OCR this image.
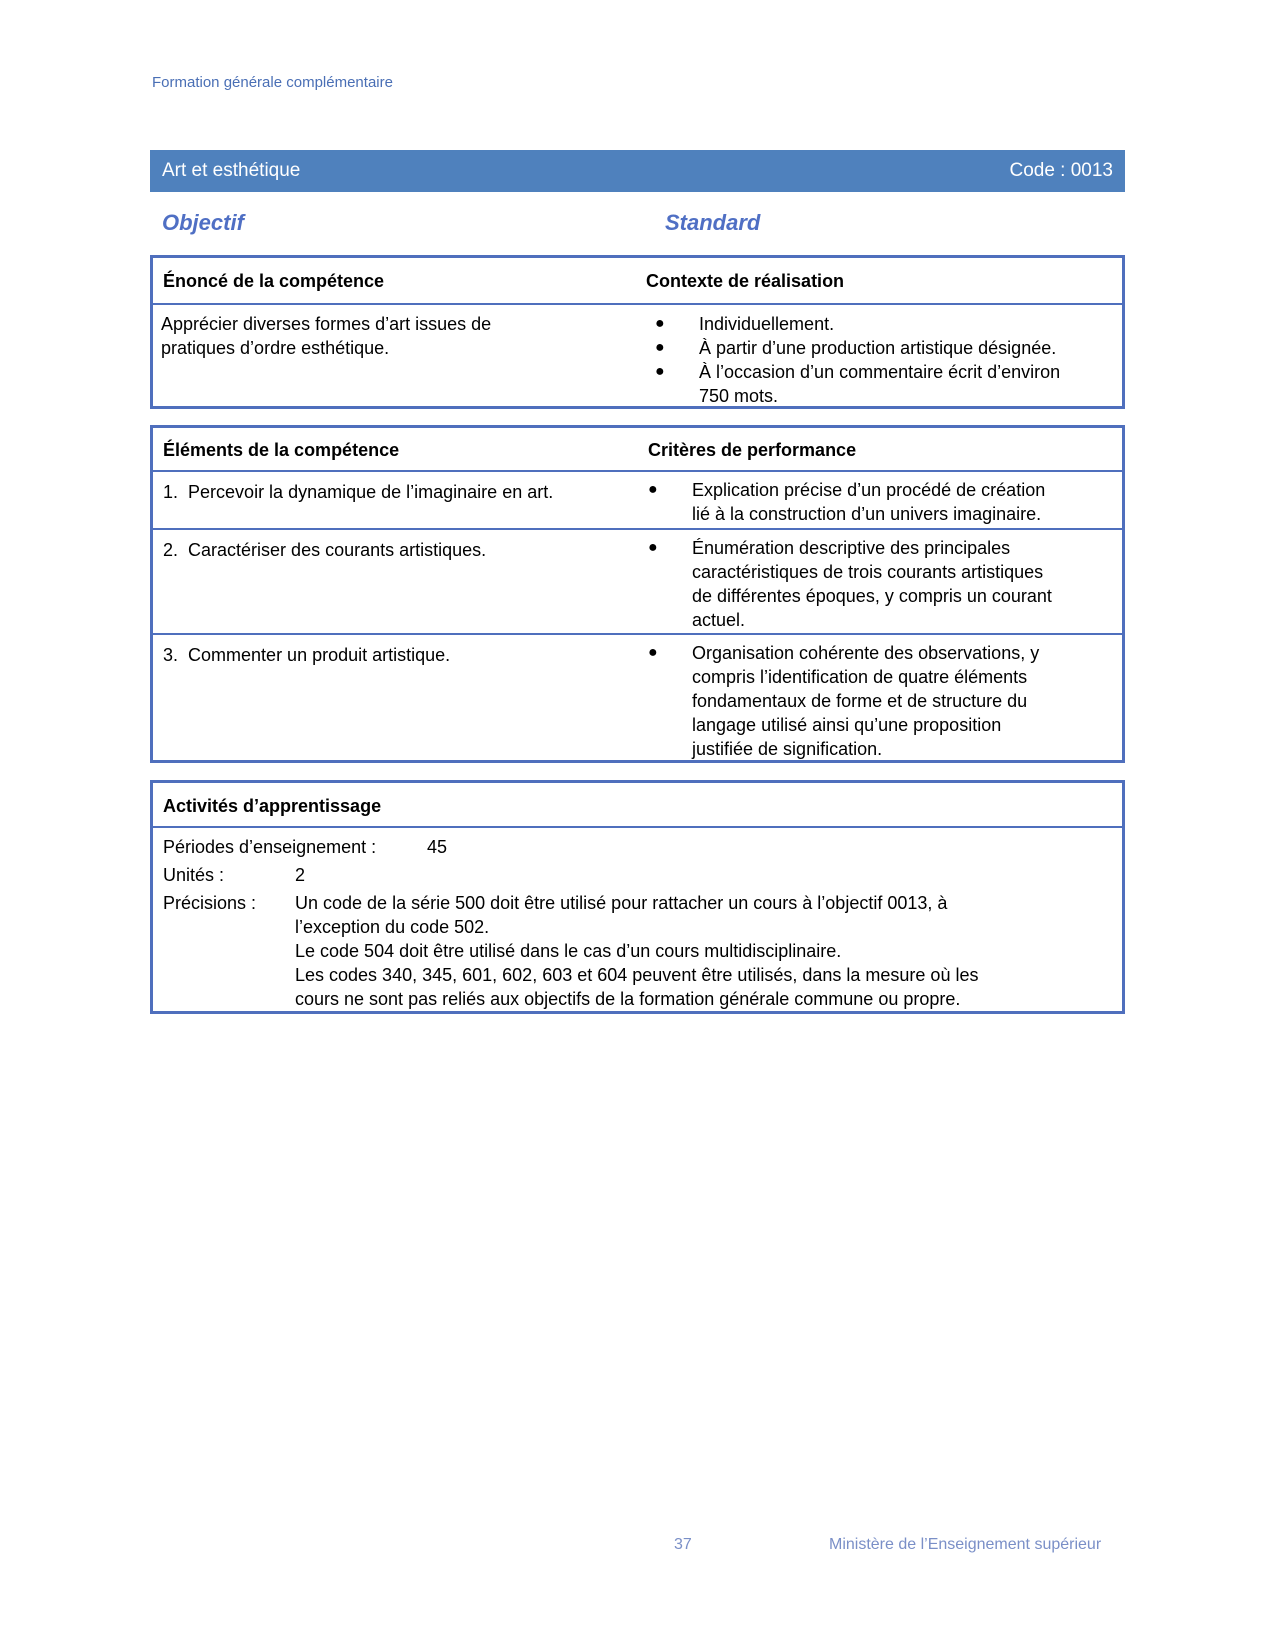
Formation générale complémentaire
Art et esthétique	Code : 0013
Objectif	Standard
Énoncé de la compétence	Contexte de réalisation
Apprécier diverses formes d’art issues de
pratiques d’ordre esthétique.
●	Individuellement.
●	À partir d’une production artistique désignée.
●	À l’occasion d’un commentaire écrit d’environ
750 mots.
Éléments de la compétence	Critères de performance
1. Percevoir la dynamique de l’imaginaire en art.	●	Explication précise d’un procédé de création
lié à la construction d’un univers imaginaire.
2. Caractériser des courants artistiques.	●	Énumération descriptive des principales
caractéristiques de trois courants artistiques
de différentes époques, y compris un courant
actuel.
3. Commenter un produit artistique.	●	Organisation cohérente des observations, y
compris l’identification de quatre éléments
fondamentaux de forme et de structure du
langage utilisé ainsi qu’une proposition
justifiée de signification.
Activités d’apprentissage
Périodes d’enseignement :	45
Unités :	2
Précisions : Un code de la série 500 doit être utilisé pour rattacher un cours à l’objectif 0013, à
l’exception du code 502.
Le code 504 doit être utilisé dans le cas d’un cours multidisciplinaire.
Les codes 340, 345, 601, 602, 603 et 604 peuvent être utilisés, dans la mesure où les
cours ne sont pas reliés aux objectifs de la formation générale commune ou propre.
37	Ministère de l’Enseignement supérieur
